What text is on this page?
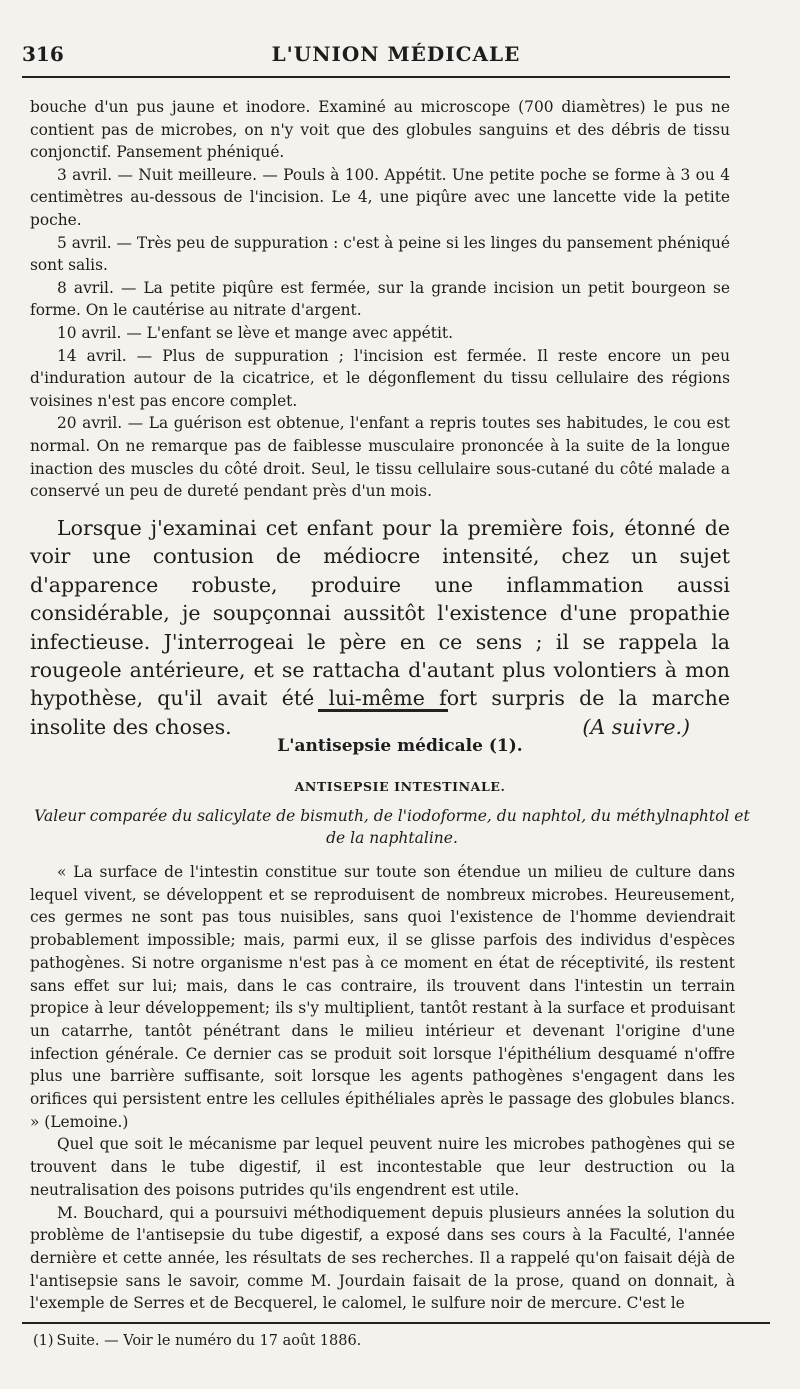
316	L'UNION MÉDICALE

bouche d'un pus jaune et inodore. Examiné au microscope (700 diamètres) le pus ne contient pas de microbes, on n'y voit que des globules sanguins et des débris de tissu conjonctif. Pansement phéniqué.

3 avril. — Nuit meilleure. — Pouls à 100. Appétit. Une petite poche se forme à 3 ou 4 centimètres au-dessous de l'incision. Le 4, une piqûre avec une lancette vide la petite poche.

5 avril. — Très peu de suppuration : c'est à peine si les linges du pansement phéniqué sont salis.

8 avril. — La petite piqûre est fermée, sur la grande incision un petit bourgeon se forme. On le cautérise au nitrate d'argent.

10 avril. — L'enfant se lève et mange avec appétit.

14 avril. — Plus de suppuration ; l'incision est fermée. Il reste encore un peu d'induration autour de la cicatrice, et le dégonflement du tissu cellulaire des régions voisines n'est pas encore complet.

20 avril. — La guérison est obtenue, l'enfant a repris toutes ses habitudes, le cou est normal. On ne remarque pas de faiblesse musculaire prononcée à la suite de la longue inaction des muscles du côté droit. Seul, le tissu cellulaire sous-cutané du côté malade a conservé un peu de dureté pendant près d'un mois.

Lorsque j'examinai cet enfant pour la première fois, étonné de voir une contusion de médiocre intensité, chez un sujet d'apparence robuste, produire une inflammation aussi considérable, je soupçonnai aussitôt l'existence d'une propathie infectieuse. J'interrogeai le père en ce sens ; il se rappela la rougeole antérieure, et se rattacha d'autant plus volontiers à mon hypothèse, qu'il avait été lui-même fort surpris de la marche insolite des choses.	(A suivre.)

L'antisepsie médicale (1).
ANTISEPSIE INTESTINALE.
Valeur comparée du salicylate de bismuth, de l'iodoforme, du naphtol, du méthylnaphtol et de la naphtaline.

« La surface de l'intestin constitue sur toute son étendue un milieu de culture dans lequel vivent, se développent et se reproduisent de nombreux microbes. Heureusement, ces germes ne sont pas tous nuisibles, sans quoi l'existence de l'homme deviendrait probablement impossible; mais, parmi eux, il se glisse parfois des individus d'espèces pathogènes. Si notre organisme n'est pas à ce moment en état de réceptivité, ils restent sans effet sur lui; mais, dans le cas contraire, ils trouvent dans l'intestin un terrain propice à leur développement; ils s'y multiplient, tantôt restant à la surface et produisant un catarrhe, tantôt pénétrant dans le milieu intérieur et devenant l'origine d'une infection générale. Ce dernier cas se produit soit lorsque l'épithélium desquamé n'offre plus une barrière suffisante, soit lorsque les agents pathogènes s'engagent dans les orifices qui persistent entre les cellules épithéliales après le passage des globules blancs. » (Lemoine.)

Quel que soit le mécanisme par lequel peuvent nuire les microbes pathogènes qui se trouvent dans le tube digestif, il est incontestable que leur destruction ou la neutralisation des poisons putrides qu'ils engendrent est utile.

M. Bouchard, qui a poursuivi méthodiquement depuis plusieurs années la solution du problème de l'antisepsie du tube digestif, a exposé dans ses cours à la Faculté, l'année dernière et cette année, les résultats de ses recherches. Il a rappelé qu'on faisait déjà de l'antisepsie sans le savoir, comme M. Jourdain faisait de la prose, quand on donnait, à l'exemple de Serres et de Becquerel, le calomel, le sulfure noir de mercure. C'est le

(1) Suite. — Voir le numéro du 17 août 1886.
